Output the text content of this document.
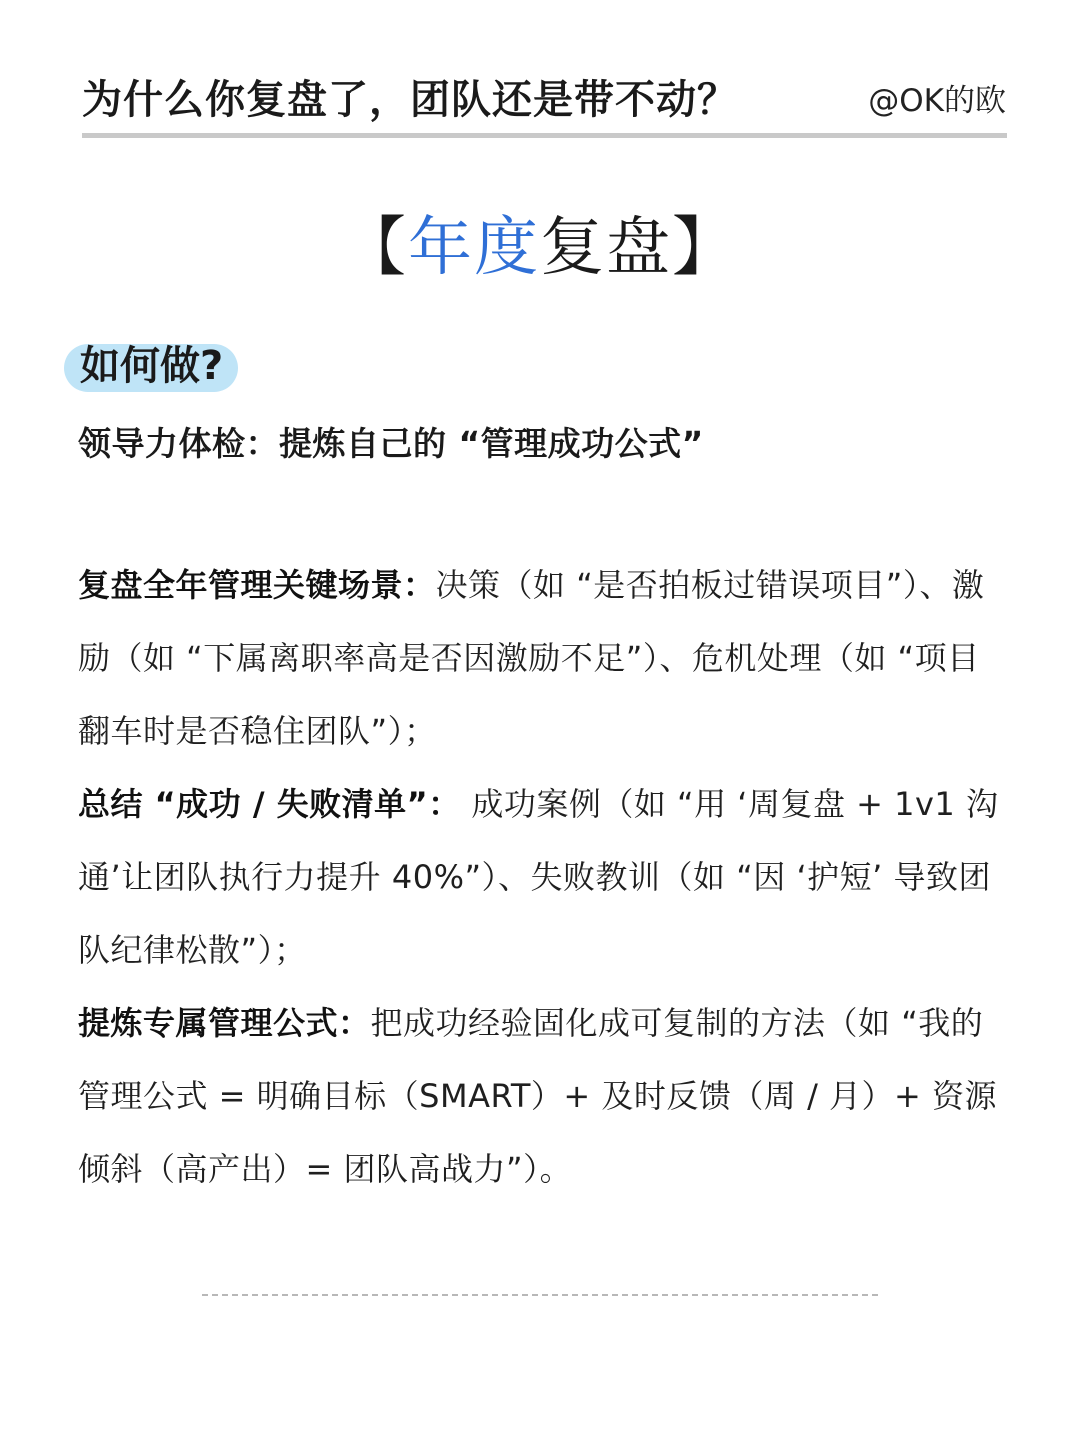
为什么你复盘了，团队还是带不动？	@OK的欧
【年度复盘】
如何做?
领导力体检：提炼自己的 “管理成功公式”

复盘全年管理关键场景：决策（如 “是否拍板过错误项目”）、激励（如 “下属离职率高是否因激励不足”）、危机处理（如 “项目翻车时是否稳住团队”）；

总结 “成功 / 失败清单”： 成功案例（如 “用 ‘周复盘 + 1v1 沟通’让团队执行力提升 40%”）、失败教训（如 “因 ‘护短’ 导致团队纪律松散”）；

提炼专属管理公式：把成功经验固化成可复制的方法（如 “我的管理公式 = 明确目标（SMART）+ 及时反馈（周 / 月）+ 资源倾斜（高产出）= 团队高战力”）。
